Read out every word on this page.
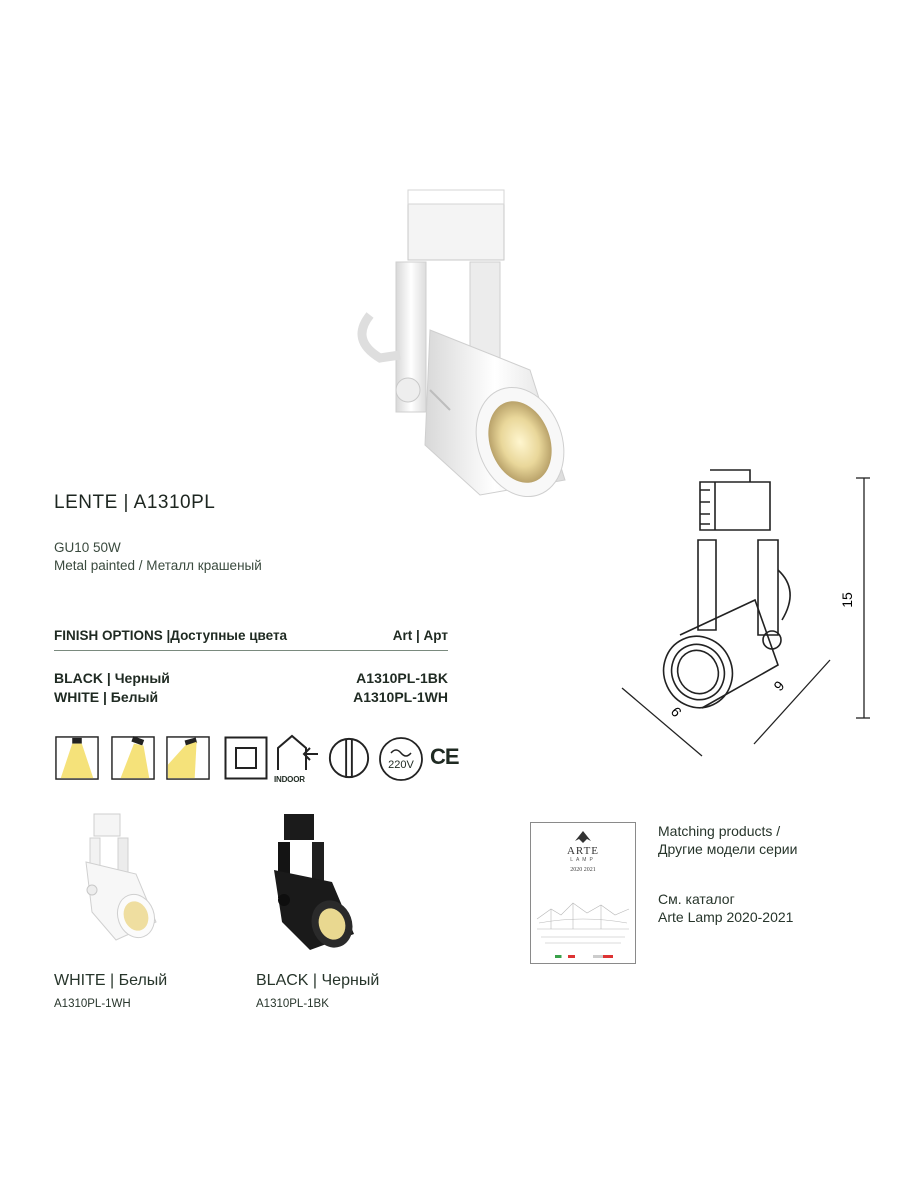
LENTE | A1310PL
GU10 50W
Metal painted / Металл крашеный
FINISH OPTIONS |Доступные цвета	Art | Арт
BLACK | Черный	A1310PL-1BK
WHITE | Белый	A1310PL-1WH
INDOOR
220V CE
15
9
6
WHITE | Белый
A1310PL-1WH
BLACK | Черный
A1310PL-1BK
ARTE
LAMP
2020 2021
Matching products /
Другие модели серии
См. каталог
Arte Lamp 2020-2021
